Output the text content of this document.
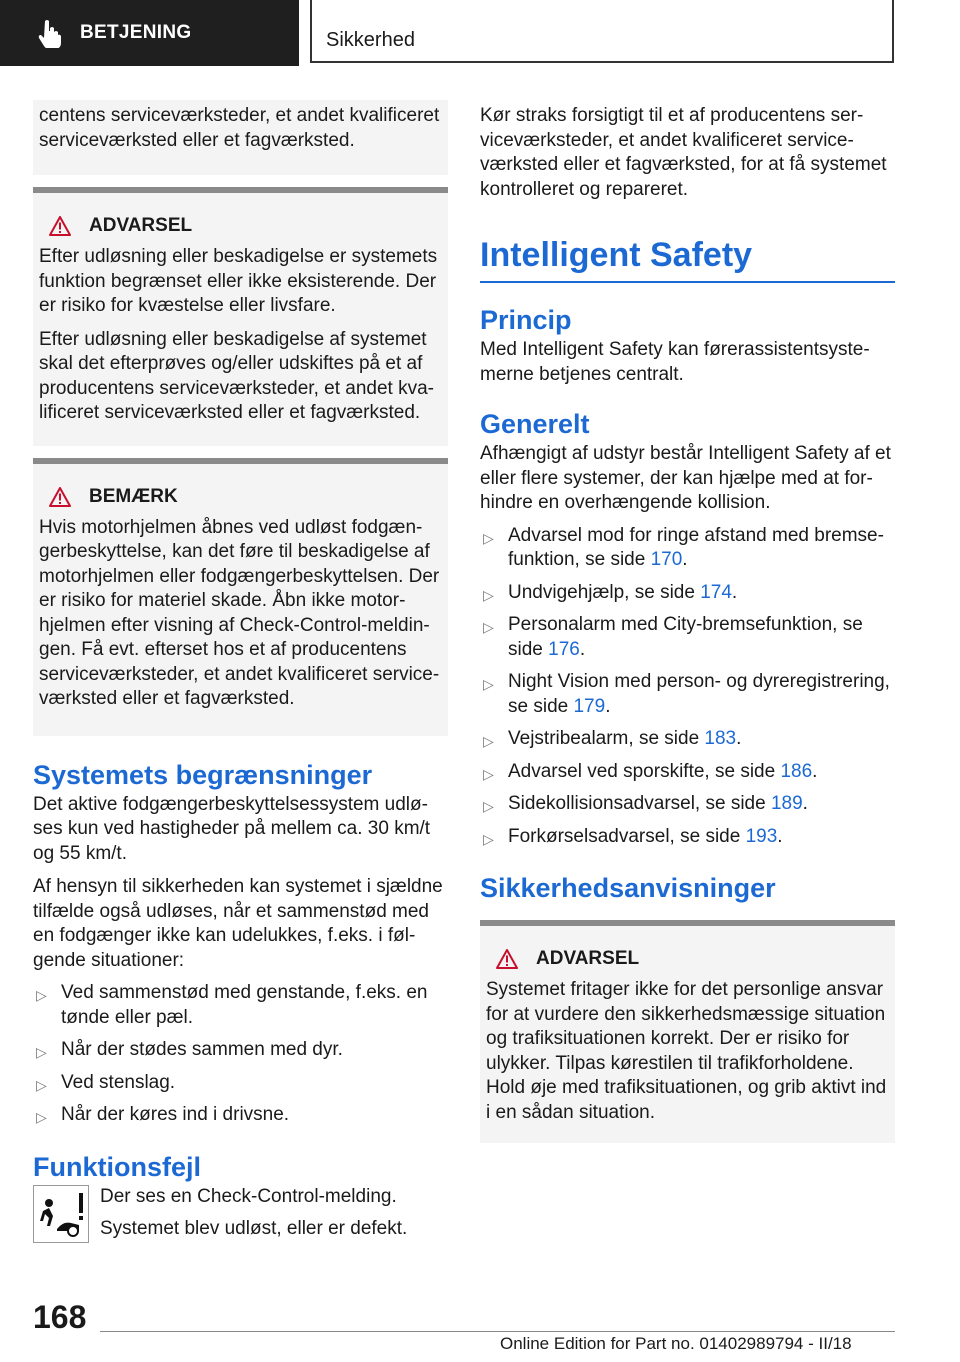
BETJENING	Sikkerhed

centens serviceværksteder, et andet kvalificeret serviceværksted eller et fagværksted.

ADVARSEL

Efter udløsning eller beskadigelse er systemets funktion begrænset eller ikke eksisterende. Der er risiko for kvæstelse eller livsfare.

Efter udløsning eller beskadigelse af systemet skal det efterprøves og/eller udskiftes på et af producentens serviceværksteder, et andet kva-lificeret serviceværksted eller et fagværksted.

BEMÆRK

Hvis motorhjelmen åbnes ved udløst fodgæn-gerbeskyttelse, kan det føre til beskadigelse af motorhjelmen eller fodgængerbeskyttelsen. Der er risiko for materiel skade. Åbn ikke motor-hjelmen efter visning af Check-Control-meldin-gen. Få evt. efterset hos et af producentens serviceværksteder, et andet kvalificeret service-værksted eller et fagværksted.

Systemets begrænsninger

Det aktive fodgængerbeskyttelsessystem udlø-ses kun ved hastigheder på mellem ca. 30 km/t og 55 km/t.

Af hensyn til sikkerheden kan systemet i sjældne tilfælde også udløses, når et sammenstød med en fodgænger ikke kan udelukkes, f.eks. i føl-gende situationer:

▷ Ved sammenstød med genstande, f.eks. en tønde eller pæl.
▷ Når der stødes sammen med dyr.
▷ Ved stenslag.
▷ Når der køres ind i drivsne.
Funktionsfejl

Der ses en Check-Control-melding.

Systemet blev udløst, eller er defekt.

Kør straks forsigtigt til et af producentens ser-viceværksteder, et andet kvalificeret service-værksted eller et fagværksted, for at få systemet kontrolleret og repareret.

Intelligent Safety
Princip

Med Intelligent Safety kan førerassistentsyste-merne betjenes centralt.

Generelt

Afhængigt af udstyr består Intelligent Safety af et eller flere systemer, der kan hjælpe med at for-hindre en overhængende kollision.

▷ Advarsel mod for ringe afstand med bremse-funktion, se side 170.
▷ Undvigehjælp, se side 174.
▷ Personalarm med City-bremsefunktion, se side 176.
▷ Night Vision med person- og dyreregistrering, se side 179.
▷ Vejstribealarm, se side 183.
▷ Advarsel ved sporskifte, se side 186.
▷ Sidekollisionsadvarsel, se side 189.
▷ Forkørselsadvarsel, se side 193.
Sikkerhedsanvisninger
ADVARSEL

Systemet fritager ikke for det personlige ansvar for at vurdere den sikkerhedsmæssige situation og trafiksituationen korrekt. Der er risiko for ulykker. Tilpas kørestilen til trafikforholdene. Hold øje med trafiksituationen, og grib aktivt ind i en sådan situation.

168
Online Edition for Part no. 01402989794 - II/18
